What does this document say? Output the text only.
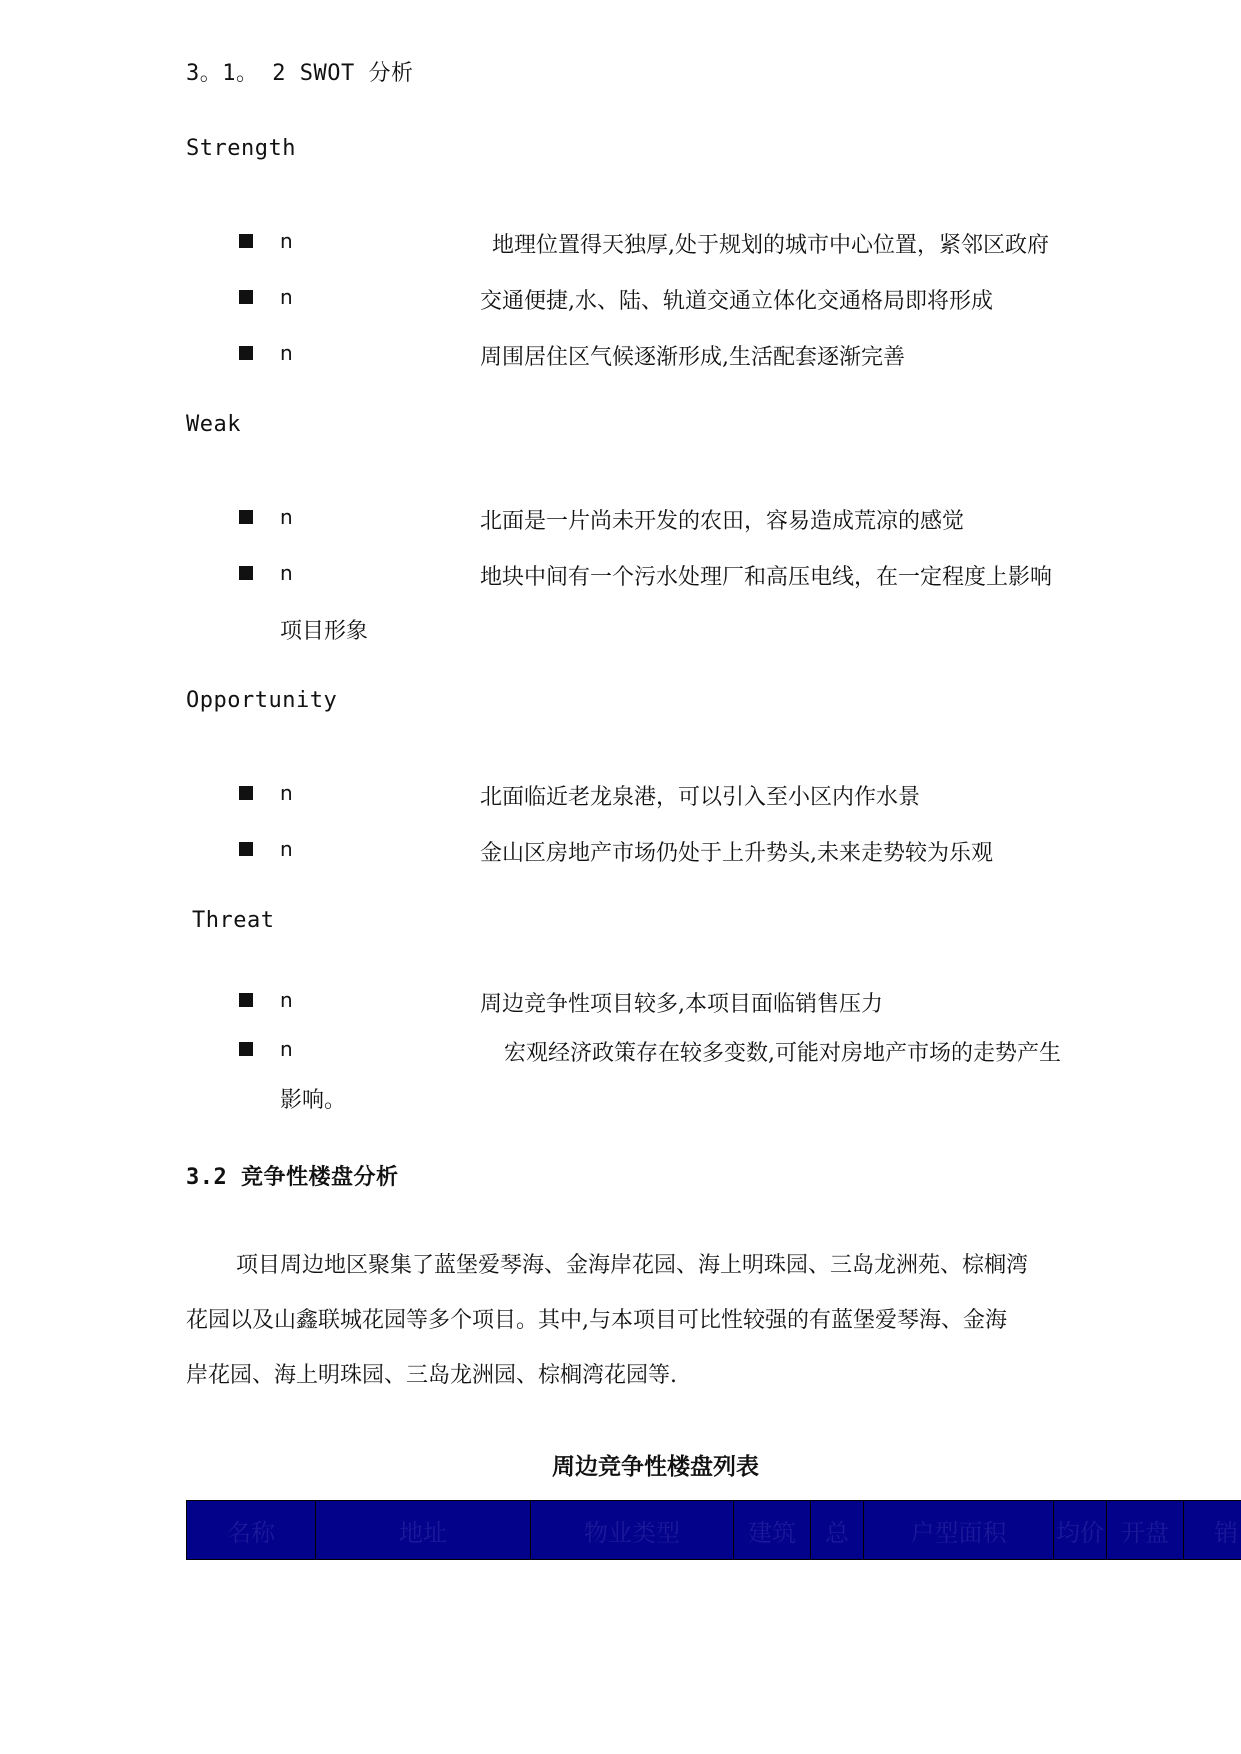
3。1。 2 SWOT 分析
Strength
n	地理位置得天独厚,处于规划的城市中心位置，紧邻区政府
n	交通便捷,水、陆、轨道交通立体化交通格局即将形成
n	周围居住区气候逐渐形成,生活配套逐渐完善
Weak
n	北面是一片尚未开发的农田，容易造成荒凉的感觉
n	地块中间有一个污水处理厂和高压电线，在一定程度上影响
项目形象
Opportunity
n	北面临近老龙泉港，可以引入至小区内作水景
n	金山区房地产市场仍处于上升势头,未来走势较为乐观
Threat
n	周边竞争性项目较多,本项目面临销售压力
n	宏观经济政策存在较多变数,可能对房地产市场的走势产生
影响。
3.2 竞争性楼盘分析
项目周边地区聚集了蓝堡爱琴海、金海岸花园、海上明珠园、三岛龙洲苑、棕榈湾
花园以及山鑫联城花园等多个项目。其中,与本项目可比性较强的有蓝堡爱琴海、金海
岸花园、海上明珠园、三岛龙洲园、棕榈湾花园等.
周边竞争性楼盘列表
名称	地址	物业类型	建筑	总	户型面积	均价	开盘	销
